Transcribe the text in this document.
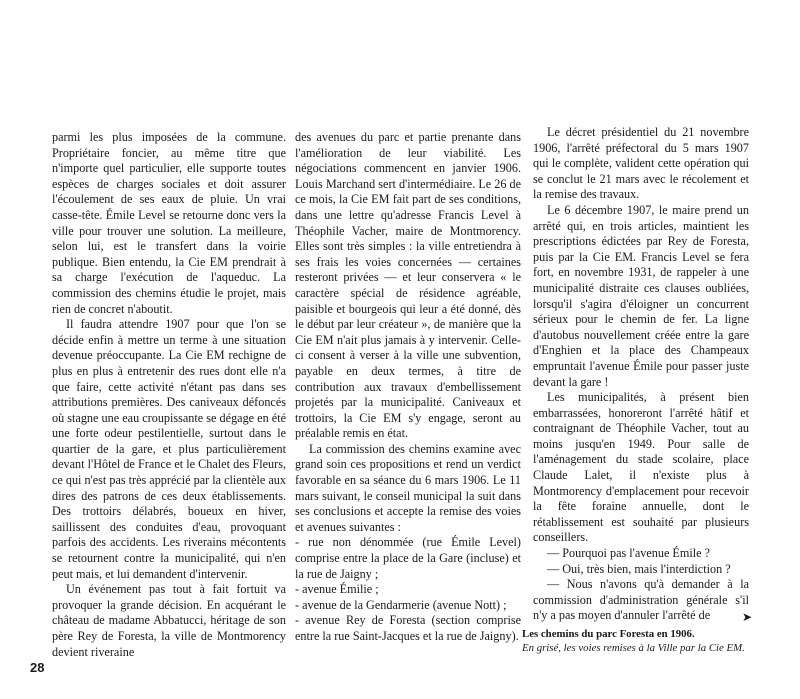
parmi les plus imposées de la commune. Propriétaire foncier, au même titre que n'importe quel particulier, elle supporte toutes espèces de charges sociales et doit assurer l'écoulement de ses eaux de pluie. Un vrai casse-tête. Émile Level se retourne donc vers la ville pour trouver une solution. La meilleure, selon lui, est le transfert dans la voirie publique. Bien entendu, la Cie EM prendrait à sa charge l'exécution de l'aqueduc. La commission des chemins étudie le projet, mais rien de concret n'aboutit.

Il faudra attendre 1907 pour que l'on se décide enfin à mettre un terme à une situation devenue préoccupante. La Cie EM rechigne de plus en plus à entretenir des rues dont elle n'a que faire, cette activité n'étant pas dans ses attributions premières. Des caniveaux défoncés où stagne une eau croupissante se dégage en été une forte odeur pestilentielle, surtout dans le quartier de la gare, et plus particulièrement devant l'Hôtel de France et le Chalet des Fleurs, ce qui n'est pas très apprécié par la clientèle aux dires des patrons de ces deux établissements. Des trottoirs délabrés, boueux en hiver, saillissent des conduites d'eau, provoquant parfois des accidents. Les riverains mécontents se retournent contre la municipalité, qui n'en peut mais, et lui demandent d'intervenir.

Un événement pas tout à fait fortuit va provoquer la grande décision. En acquérant le château de madame Abbatucci, héritage de son père Rey de Foresta, la ville de Montmorency devient riveraine

des avenues du parc et partie prenante dans l'amélioration de leur viabilité. Les négociations commencent en janvier 1906. Louis Marchand sert d'intermédiaire. Le 26 de ce mois, la Cie EM fait part de ses conditions, dans une lettre qu'adresse Francis Level à Théophile Vacher, maire de Montmorency. Elles sont très simples : la ville entretiendra à ses frais les voies concernées — certaines resteront privées — et leur conservera « le caractère spécial de résidence agréable, paisible et bourgeois qui leur a été donné, dès le début par leur créateur », de manière que la Cie EM n'ait plus jamais à y intervenir. Celle-ci consent à verser à la ville une subvention, payable en deux termes, à titre de contribution aux travaux d'embellissement projetés par la municipalité. Caniveaux et trottoirs, la Cie EM s'y engage, seront au préalable remis en état.

La commission des chemins examine avec grand soin ces propositions et rend un verdict favorable en sa séance du 6 mars 1906. Le 11 mars suivant, le conseil municipal la suit dans ses conclusions et accepte la remise des voies et avenues suivantes :

- rue non dénommée (rue Émile Level) comprise entre la place de la Gare (incluse) et la rue de Jaigny ;

- avenue Émilie ;

- avenue de la Gendarmerie (avenue Nott) ;

- avenue Rey de Foresta (section comprise entre la rue Saint-Jacques et la rue de Jaigny).

Le décret présidentiel du 21 novembre 1906, l'arrêté préfectoral du 5 mars 1907 qui le complète, valident cette opération qui se conclut le 21 mars avec le récolement et la remise des travaux.

Le 6 décembre 1907, le maire prend un arrêté qui, en trois articles, maintient les prescriptions édictées par Rey de Foresta, puis par la Cie EM. Francis Level se fera fort, en novembre 1931, de rappeler à une municipalité distraite ces clauses oubliées, lorsqu'il s'agira d'éloigner un concurrent sérieux pour le chemin de fer. La ligne d'autobus nouvellement créée entre la gare d'Enghien et la place des Champeaux empruntait l'avenue Émile pour passer juste devant la gare !

Les municipalités, à présent bien embarrassées, honoreront l'arrêté hâtif et contraignant de Théophile Vacher, tout au moins jusqu'en 1949. Pour salle de l'aménagement du stade scolaire, place Claude Lalet, il n'existe plus à Montmorency d'emplacement pour recevoir la fête foraine annuelle, dont le rétablissement est souhaité par plusieurs conseillers.

— Pourquoi pas l'avenue Émile ?

— Oui, très bien, mais l'interdiction ?

— Nous n'avons qu'à demander à la commission d'administration générale s'il n'y a pas moyen d'annuler l'arrêté de	➤
Les chemins du parc Foresta en 1906.
En grisé, les voies remises à la Ville par la Cie EM.
28
